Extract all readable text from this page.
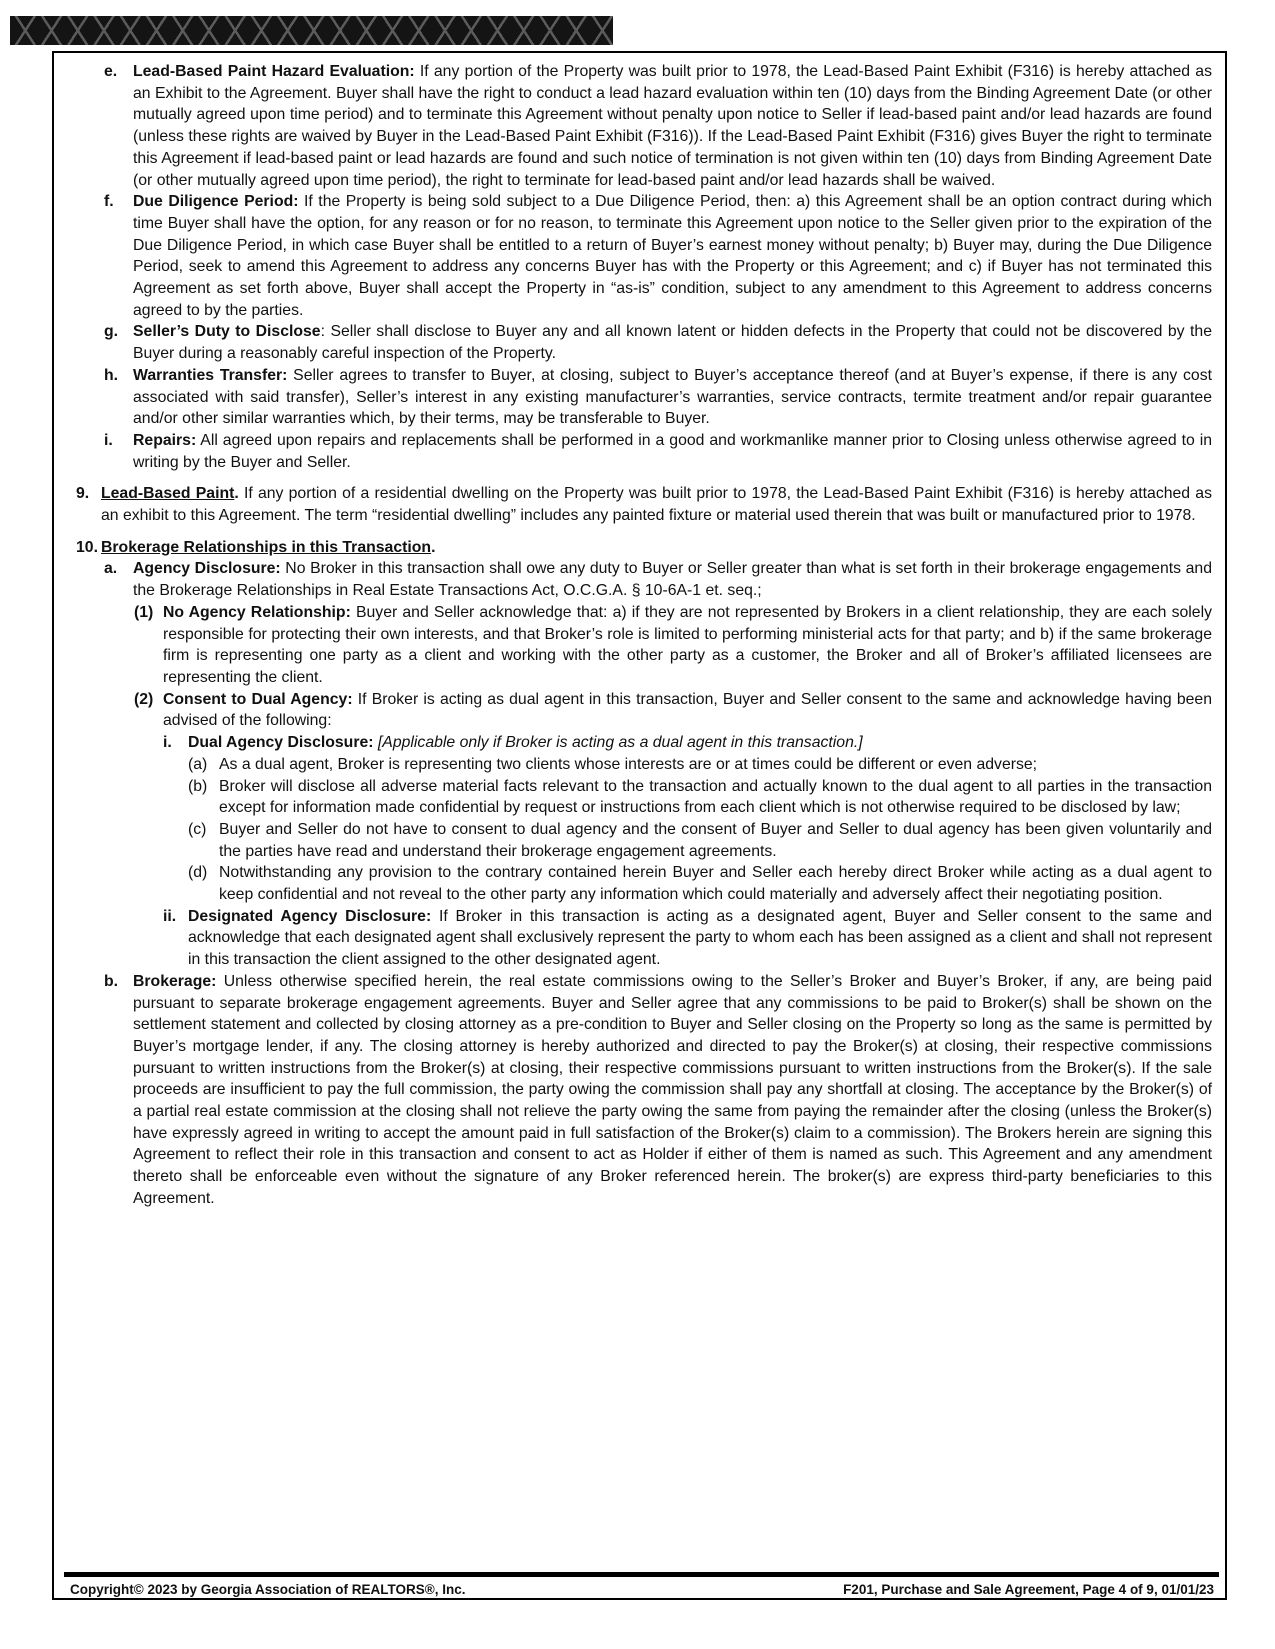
e.	Lead-Based Paint Hazard Evaluation: If any portion of the Property was built prior to 1978, the Lead-Based Paint Exhibit (F316) is hereby attached as an Exhibit to the Agreement. Buyer shall have the right to conduct a lead hazard evaluation within ten (10) days from the Binding Agreement Date (or other mutually agreed upon time period) and to terminate this Agreement without penalty upon notice to Seller if lead-based paint and/or lead hazards are found (unless these rights are waived by Buyer in the Lead-Based Paint Exhibit (F316)). If the Lead-Based Paint Exhibit (F316) gives Buyer the right to terminate this Agreement if lead-based paint or lead hazards are found and such notice of termination is not given within ten (10) days from Binding Agreement Date (or other mutually agreed upon time period), the right to terminate for lead-based paint and/or lead hazards shall be waived.
f.	Due Diligence Period: If the Property is being sold subject to a Due Diligence Period, then: a) this Agreement shall be an option contract during which time Buyer shall have the option, for any reason or for no reason, to terminate this Agreement upon notice to the Seller given prior to the expiration of the Due Diligence Period, in which case Buyer shall be entitled to a return of Buyer’s earnest money without penalty; b) Buyer may, during the Due Diligence Period, seek to amend this Agreement to address any concerns Buyer has with the Property or this Agreement; and c) if Buyer has not terminated this Agreement as set forth above, Buyer shall accept the Property in “as-is” condition, subject to any amendment to this Agreement to address concerns agreed to by the parties.
g. Seller’s Duty to Disclose: Seller shall disclose to Buyer any and all known latent or hidden defects in the Property that could not be discovered by the Buyer during a reasonably careful inspection of the Property.
h. Warranties Transfer: Seller agrees to transfer to Buyer, at closing, subject to Buyer’s acceptance thereof (and at Buyer’s expense, if there is any cost associated with said transfer), Seller’s interest in any existing manufacturer’s warranties, service contracts, termite treatment and/or repair guarantee and/or other similar warranties which, by their terms, may be transferable to Buyer.
i.	Repairs: All agreed upon repairs and replacements shall be performed in a good and workmanlike manner prior to Closing unless otherwise agreed to in writing by the Buyer and Seller.
9. Lead-Based Paint. If any portion of a residential dwelling on the Property was built prior to 1978, the Lead-Based Paint Exhibit (F316) is hereby attached as an exhibit to this Agreement. The term “residential dwelling” includes any painted fixture or material used therein that was built or manufactured prior to 1978.
10. Brokerage Relationships in this Transaction.
a.	Agency Disclosure: No Broker in this transaction shall owe any duty to Buyer or Seller greater than what is set forth in their brokerage engagements and the Brokerage Relationships in Real Estate Transactions Act, O.C.G.A. § 10-6A-1 et. seq.;
(1) No Agency Relationship: Buyer and Seller acknowledge that: a) if they are not represented by Brokers in a client relationship, they are each solely responsible for protecting their own interests, and that Broker’s role is limited to performing ministerial acts for that party; and b) if the same brokerage firm is representing one party as a client and working with the other party as a customer, the Broker and all of Broker’s affiliated licensees are representing the client.
(2) Consent to Dual Agency: If Broker is acting as dual agent in this transaction, Buyer and Seller consent to the same and acknowledge having been advised of the following:
i.	Dual Agency Disclosure: [Applicable only if Broker is acting as a dual agent in this transaction.]
(a) As a dual agent, Broker is representing two clients whose interests are or at times could be different or even adverse;
(b) Broker will disclose all adverse material facts relevant to the transaction and actually known to the dual agent to all parties in the transaction except for information made confidential by request or instructions from each client which is not otherwise required to be disclosed by law;
(c) Buyer and Seller do not have to consent to dual agency and the consent of Buyer and Seller to dual agency has been given voluntarily and the parties have read and understand their brokerage engagement agreements.
(d) Notwithstanding any provision to the contrary contained herein Buyer and Seller each hereby direct Broker while acting as a dual agent to keep confidential and not reveal to the other party any information which could materially and adversely affect their negotiating position.
ii. Designated Agency Disclosure: If Broker in this transaction is acting as a designated agent, Buyer and Seller consent to the same and acknowledge that each designated agent shall exclusively represent the party to whom each has been assigned as a client and shall not represent in this transaction the client assigned to the other designated agent.
b. Brokerage: Unless otherwise specified herein, the real estate commissions owing to the Seller’s Broker and Buyer’s Broker, if any, are being paid pursuant to separate brokerage engagement agreements. Buyer and Seller agree that any commissions to be paid to Broker(s) shall be shown on the settlement statement and collected by closing attorney as a pre-condition to Buyer and Seller closing on the Property so long as the same is permitted by Buyer’s mortgage lender, if any. The closing attorney is hereby authorized and directed to pay the Broker(s) at closing, their respective commissions pursuant to written instructions from the Broker(s) at closing, their respective commissions pursuant to written instructions from the Broker(s). If the sale proceeds are insufficient to pay the full commission, the party owing the commission shall pay any shortfall at closing. The acceptance by the Broker(s) of a partial real estate commission at the closing shall not relieve the party owing the same from paying the remainder after the closing (unless the Broker(s) have expressly agreed in writing to accept the amount paid in full satisfaction of the Broker(s) claim to a commission). The Brokers herein are signing this Agreement to reflect their role in this transaction and consent to act as Holder if either of them is named as such. This Agreement and any amendment thereto shall be enforceable even without the signature of any Broker referenced herein. The broker(s) are express third-party beneficiaries to this Agreement.
Copyright© 2023 by Georgia Association of REALTORS®, Inc.	F201, Purchase and Sale Agreement, Page 4 of 9, 01/01/23
